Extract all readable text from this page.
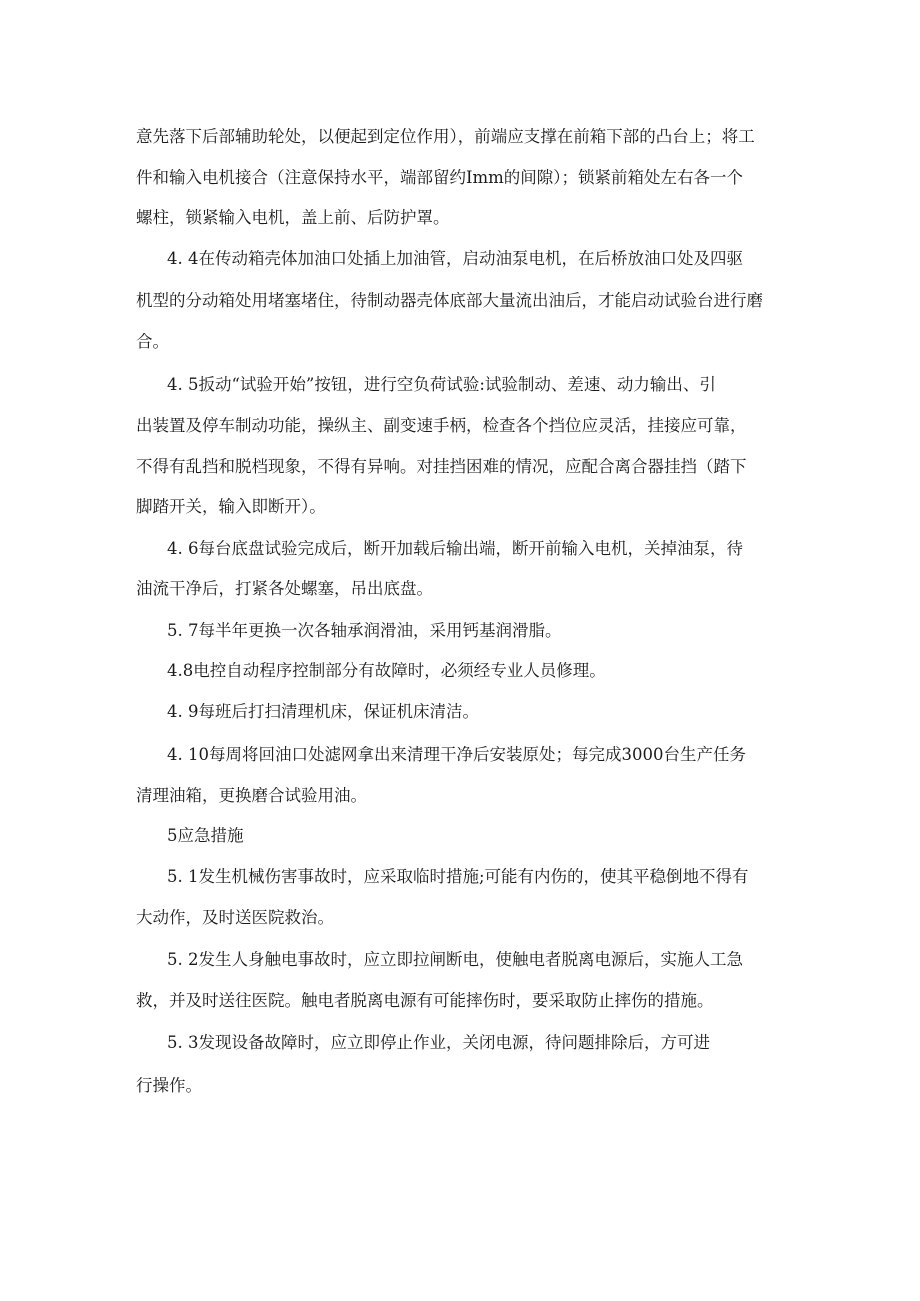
意先落下后部辅助轮处，以便起到定位作用），前端应支撑在前箱下部的凸台上；将工
件和输入电机接合（注意保持水平，端部留约Imm的间隙）；锁紧前箱处左右各一个
螺柱，锁紧输入电机，盖上前、后防护罩。
4. 4在传动箱壳体加油口处插上加油管，启动油泵电机，在后桥放油口处及四驱
机型的分动箱处用堵塞堵住，待制动器壳体底部大量流出油后，才能启动试验台进行磨
合。
4. 5扳动“试验开始”按钮，进行空负荷试验:试验制动、差速、动力输出、引
出装置及停车制动功能，操纵主、副变速手柄，检查各个挡位应灵活，挂接应可靠，
不得有乱挡和脱档现象，不得有异响。对挂挡困难的情况，应配合离合器挂挡（踏下
脚踏开关，输入即断开）。
4. 6每台底盘试验完成后，断开加载后输出端，断开前输入电机，关掉油泵，待
油流干净后，打紧各处螺塞，吊出底盘。
5. 7每半年更换一次各轴承润滑油，采用钙基润滑脂。
4.8电控自动程序控制部分有故障时，必须经专业人员修理。
4. 9每班后打扫清理机床，保证机床清洁。
4. 10每周将回油口处滤网拿出来清理干净后安装原处；每完成3000台生产任务
清理油箱，更换磨合试验用油。
5应急措施
5. 1发生机械伤害事故时，应采取临时措施;可能有内伤的，使其平稳倒地不得有
大动作，及时送医院救治。
5. 2发生人身触电事故时，应立即拉闸断电，使触电者脱离电源后，实施人工急
救，并及时送往医院。触电者脱离电源有可能摔伤时，要采取防止摔伤的措施。
5. 3发现设备故障时，应立即停止作业，关闭电源，待问题排除后，方可进
行操作。
